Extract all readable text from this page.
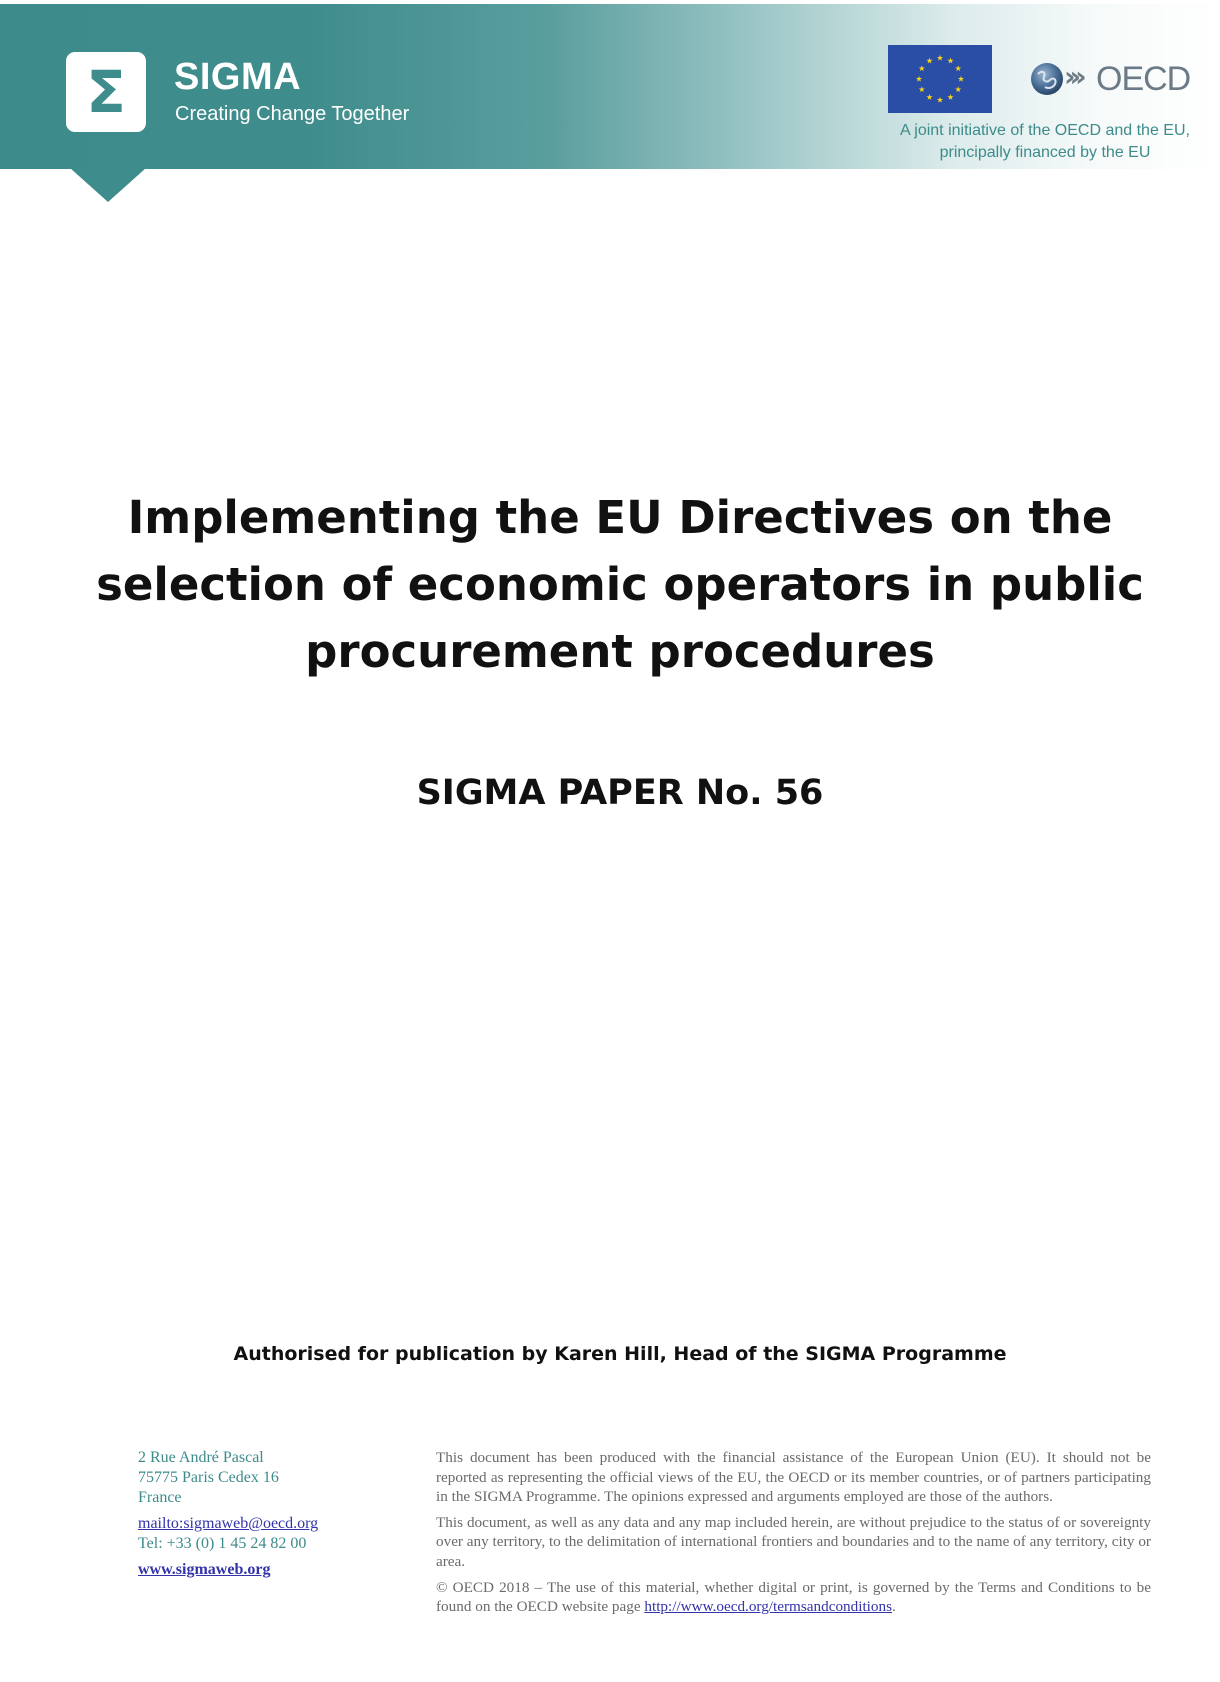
Σ	SIGMA
Creating Change Together
››› OECD
A joint initiative of the OECD and the EU,
principally financed by the EU
Implementing the EU Directives on the
selection of economic operators in public
procurement procedures
SIGMA PAPER No. 56
Authorised for publication by Karen Hill, Head of the SIGMA Programme
2 Rue André Pascal
75775 Paris Cedex 16
France
mailto:sigmaweb@oecd.org
Tel: +33 (0) 1 45 24 82 00
www.sigmaweb.org

This document has been produced with the financial assistance of the European Union (EU). It should not be reported as representing the official views of the EU, the OECD or its member countries, or of partners participating in the SIGMA Programme. The opinions expressed and arguments employed are those of the authors.

This document, as well as any data and any map included herein, are without prejudice to the status of or sovereignty over any territory, to the delimitation of international frontiers and boundaries and to the name of any territory, city or area.

© OECD 2018 – The use of this material, whether digital or print, is governed by the Terms and Conditions to be found on the OECD website page http://www.oecd.org/termsandconditions.
